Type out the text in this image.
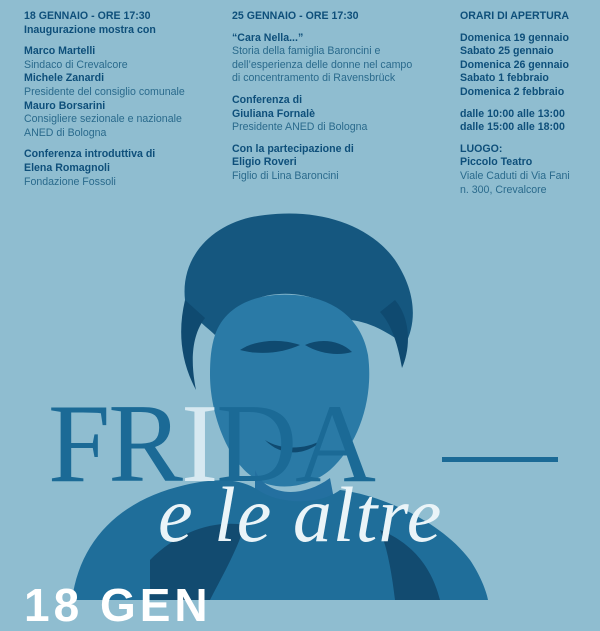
18 GENNAIO - ORE 17:30
Inaugurazione mostra con
Marco Martelli
Sindaco di Crevalcore
Michele Zanardi
Presidente del consiglio comunale
Mauro Borsarini
Consigliere sezionale e nazionale
ANED di Bologna
Conferenza introduttiva di
Elena Romagnoli
Fondazione Fossoli
25 GENNAIO - ORE 17:30
“Cara Nella...”
Storia della famiglia Baroncini e
dell’esperienza delle donne nel campo
di concentramento di Ravensbrück
Conferenza di
Giuliana Fornalè
Presidente ANED di Bologna
Con la partecipazione di
Eligio Roveri
Figlio di Lina Baroncini
ORARI DI APERTURA
Domenica 19 gennaio
Sabato 25 gennaio
Domenica 26 gennaio
Sabato 1 febbraio
Domenica 2 febbraio
dalle 10:00 alle 13:00
dalle 15:00 alle 18:00
LUOGO:
Piccolo Teatro
Viale Caduti di Via Fani
n. 300, Crevalcore
FRIDA
e le altre
18 GEN
